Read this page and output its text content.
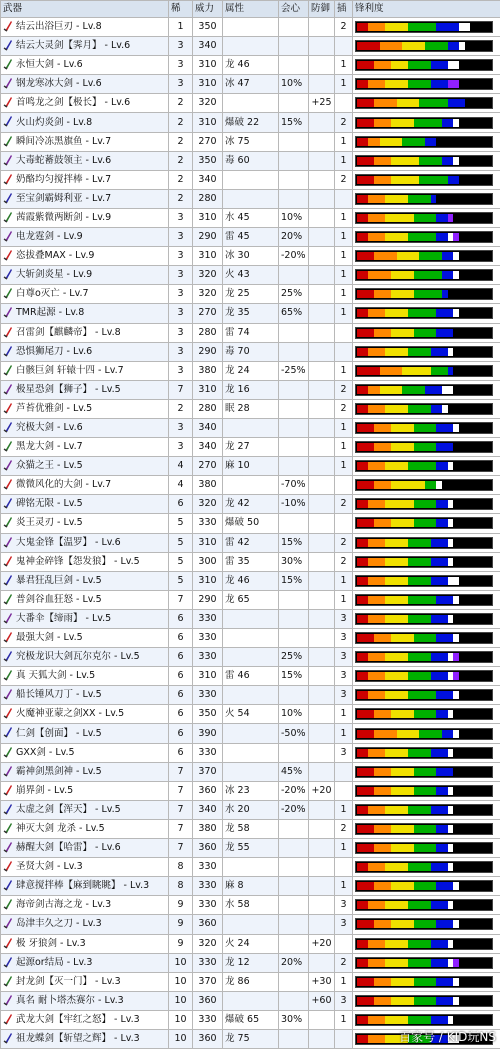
武器	稀	威力	属性	会心	防御	插	锋利度

结云出浴巨刃 - Lv.8	1	350				2	

结云大灵剑【霁月】 - Lv.6	3	340					

永恒大剑 - Lv.6	3	310	龙 46			1	

钢龙寒冰大剑 - Lv.6	3	310	冰 47	10%		1	

首鸣龙之剑【极长】 - Lv.6	2	320			+25		

火山灼炎剑 - Lv.8	2	310	爆破 22	15%		2	

瞬间冷冻黑旗鱼 - Lv.7	2	270	冰 75			1	

大毒蛇蓄鼓领主 - Lv.6	2	350	毒 60			1	

奶酪均匀搅拌棒 - Lv.7	2	340				2	

至宝剑霸姆利亚 - Lv.7	2	280					

茜霞紫微两断剑 - Lv.9	3	310	水 45	10%		1	

电龙霆剑 - Lv.9	3	290	雷 45	20%		1	

恣拔叠MAX - Lv.9	3	310	冰 30	-20%		1	

大斩剑炎星 - Lv.9	3	320	火 43			1	

白尊o灭亡 - Lv.7	3	320	龙 25	25%		1	

TMR起源 - Lv.8	3	270	龙 35	65%		1	

召雷剑【麒麟帝】 - Lv.8	3	280	雷 74				

恐惧狮尾刀 - Lv.6	3	290	毒 70				

白骸巨剑 轩辕十四 - Lv.7	3	380	龙 24	-25%		1	

极星恐剑【狮子】 - Lv.5	7	310	龙 16			2	

芦苔优雅剑 - Lv.5	2	280	眠 28			2	

究极大剑 - Lv.6	3	340				1	

黑龙大剑 - Lv.7	3	340	龙 27			1	

众猫之王 - Lv.5	4	270	麻 10			1	

微微风化的大剑 - Lv.7	4	380		-70%			

碑铭无限 - Lv.5	6	320	龙 42	-10%		2	

炎王灵刃 - Lv.5	5	330	爆破 50				

大鬼金锋【温罗】 - Lv.6	5	310	雷 42	15%		2	

鬼神金碎锋【怨发狼】 - Lv.5	5	300	雷 35	30%		2	

暴君狂乱巨剑 - Lv.5	5	310	龙 46	15%		1	

普剑谷血狂怒 - Lv.5	7	290	龙 65			1	

大番伞【缔雨】 - Lv.5	6	330				3	

最强大剑 - Lv.5	6	330				3	

究极龙识大剑瓦尔克尔 - Lv.5	6	330		25%		3	

真 天狐大剑 - Lv.5	6	310	雷 46	15%		3	

船长锤风刀丁 - Lv.5	6	330				3	

火魔神亚蒙之剑XX - Lv.5	6	350	火 54	10%		1	

仁剑【创面】 - Lv.5	6	390		-50%		1	

GXX剑 - Lv.5	6	330				3	

霸神剑黑剑神 - Lv.5	7	370		45%			

崩界剑 - Lv.5	7	360	冰 23	-20%	+20		

太虚之剑【浑天】 - Lv.5	7	340	水 20	-20%		1	

神灭大剑 龙杀 - Lv.5	7	380	龙 58			2	

赫醒大剑【哈雷】 - Lv.6	7	360	龙 55			1	

圣贤大剑 - Lv.3	8	330					

肆意搅拌棒【麻到眺眺】 - Lv.3	8	330	麻 8			1	

海帝剑古海之龙 - Lv.3	9	330	水 58			3	

岛津丰久之刀 - Lv.3	9	360				3	

极 牙狼剑 - Lv.3	9	320	火 24		+20		

起源or结局 - Lv.3	10	330	龙 12	20%		2	

封龙剑【灭一门】 - Lv.3	10	370	龙 86		+30	1	

真名 耐卜塔杰赛尔 - Lv.3	10	360			+60	3	

武龙大剑【牢红之怒】 - Lv.3	10	330	爆破 65	30%		1	

祖龙蝶剑【斩望之辉】 - Lv.3	10	360	龙 75					百家号 / KID玩NS
